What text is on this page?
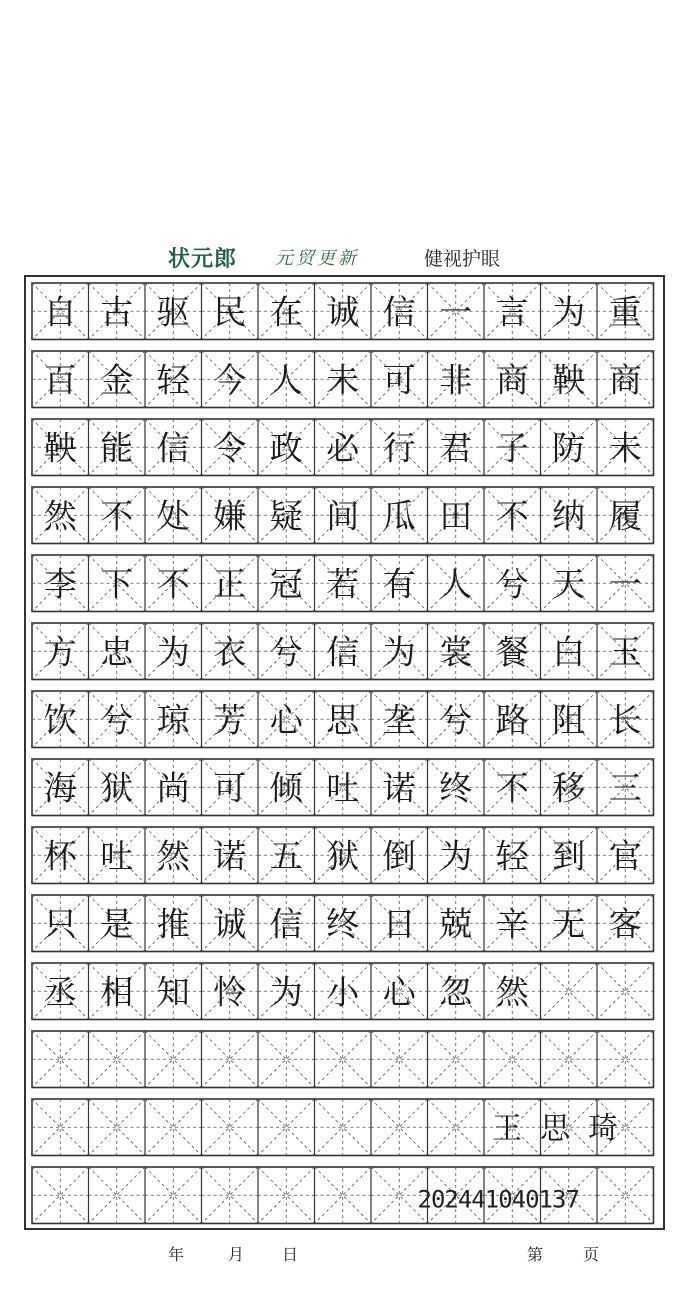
状元郎 元贸更新	健视护眼
自 古 驱 民 在 诚 信 一 言 为 重
百 金 轻 今 人 未 可 非 商 鞅 商
鞅 能 信 令 政 必 行 君 子 防 未
然 不 处 嫌 疑 间 瓜 田 不 纳 履
李 下 不 正 冠 若 有 人 兮 天 一
方 忠 为 衣 兮 信 为 裳 餐 白 玉
饮 兮 琼 芳 心 思 垄 兮 路 阻 长
海 狱 尚 可 倾 吐 诺 终 不 移 三
杯 吐 然 诺 五 狱 倒 为 轻 到 官
只 是 推 诚 信 终 日 兢 辛 无 客
丞 相 知 怜 为 小 心 忽 然
王思琦
202441040137
年	月 日	第 页
